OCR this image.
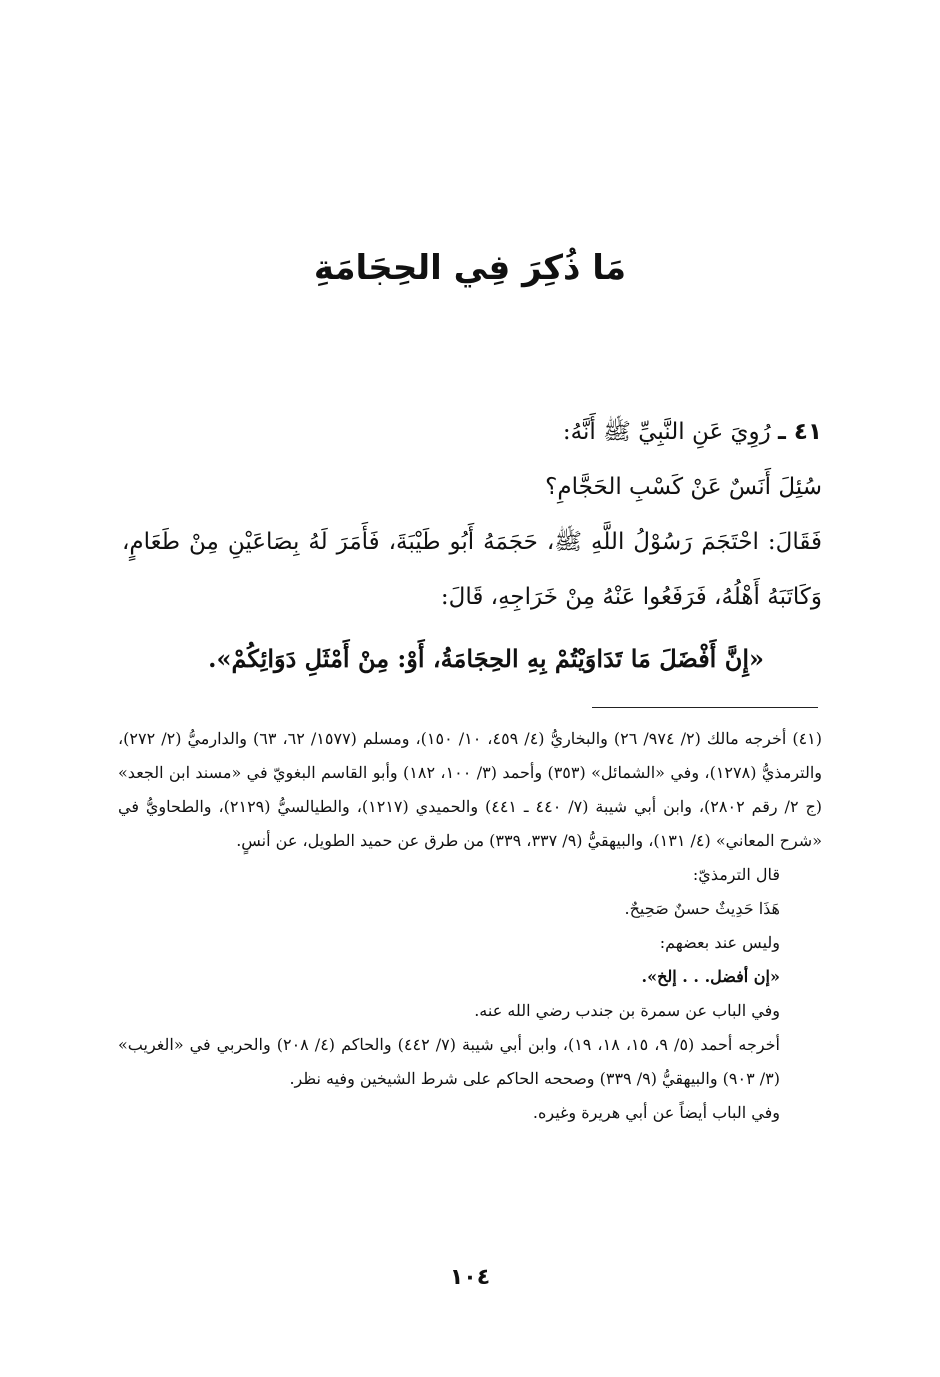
مَا ذُكِرَ فِي الحِجَامَةِ

٤١ ـ رُوِيَ عَنِ النَّبِيِّ ﷺ أَنَّهُ:

سُئِلَ أَنَسٌ عَنْ كَسْبِ الحَجَّامِ؟

فَقَالَ: احْتَجَمَ رَسُوْلُ اللَّهِ ﷺ، حَجَمَهُ أَبُو طَيْبَةَ، فَأَمَرَ لَهُ بِصَاعَيْنِ مِنْ طَعَامٍ، وَكَاتَبَهُ أَهْلُهُ، فَرَفَعُوا عَنْهُ مِنْ خَرَاجِهِ، قَالَ:

«إِنَّ أَفْضَلَ مَا تَدَاوَيْتُمْ بِهِ الحِجَامَةُ، أَوْ: مِنْ أَمْثَلِ دَوَائِكُمْ».

(٤١) أخرجه مالك (٢/ ٩٧٤/ ٢٦) والبخاريُّ (٤/ ٤٥٩، ١٠/ ١٥٠)، ومسلم (١٥٧٧/ ٦٢، ٦٣) والدارميُّ (٢/ ٢٧٢)، والترمذيُّ (١٢٧٨)، وفي «الشمائل» (٣٥٣) وأحمد (٣/ ١٠٠، ١٨٢) وأبو القاسم البغويّ في «مسند ابن الجعد» (ج ٢/ رقم ٢٨٠٢)، وابن أبي شيبة (٧/ ٤٤٠ ـ ٤٤١) والحميدي (١٢١٧)، والطيالسيُّ (٢١٢٩)، والطحاويُّ في «شرح المعاني» (٤/ ١٣١)، والبيهقيُّ (٩/ ٣٣٧، ٣٣٩) من طرق عن حميد الطويل، عن أنسٍ.

قال الترمذيّ:

هَذَا حَدِيثٌ حسنٌ صَحِيحٌ.

وليس عند بعضهم:

«إن أفضل. . . إلخ».

وفي الباب عن سمرة بن جندب رضي الله عنه.

أخرجه أحمد (٥/ ٩، ١٥، ١٨، ١٩)، وابن أبي شيبة (٧/ ٤٤٢) والحاكم (٤/ ٢٠٨) والحربي في «الغريب» (٣/ ٩٠٣) والبيهقيُّ (٩/ ٣٣٩) وصححه الحاكم على شرط الشيخين وفيه نظر.

وفي الباب أيضاً عن أبي هريرة وغيره.

١٠٤
